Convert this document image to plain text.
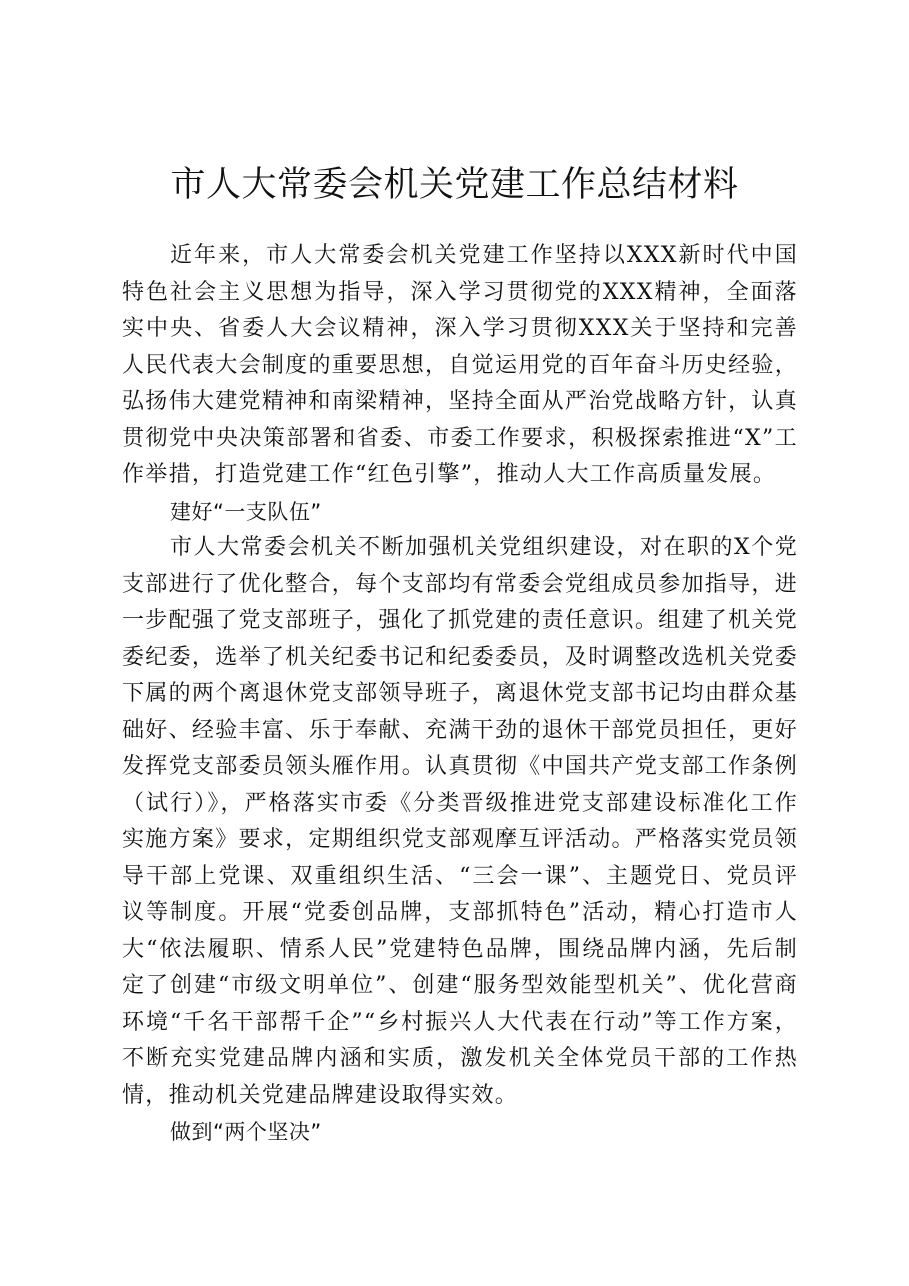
市人大常委会机关党建工作总结材料

近年来，市人大常委会机关党建工作坚持以XXX新时代中国特色社会主义思想为指导，深入学习贯彻党的XXX精神，全面落实中央、省委人大会议精神，深入学习贯彻XXX关于坚持和完善人民代表大会制度的重要思想，自觉运用党的百年奋斗历史经验，弘扬伟大建党精神和南梁精神，坚持全面从严治党战略方针，认真贯彻党中央决策部署和省委、市委工作要求，积极探索推进“X”工作举措，打造党建工作“红色引擎”，推动人大工作高质量发展。

建好“一支队伍”

市人大常委会机关不断加强机关党组织建设，对在职的X个党支部进行了优化整合，每个支部均有常委会党组成员参加指导，进一步配强了党支部班子，强化了抓党建的责任意识。组建了机关党委纪委，选举了机关纪委书记和纪委委员，及时调整改选机关党委下属的两个离退休党支部领导班子，离退休党支部书记均由群众基础好、经验丰富、乐于奉献、充满干劲的退休干部党员担任，更好发挥党支部委员领头雁作用。认真贯彻《中国共产党支部工作条例（试行）》，严格落实市委《分类晋级推进党支部建设标准化工作实施方案》要求，定期组织党支部观摩互评活动。严格落实党员领导干部上党课、双重组织生活、“三会一课”、主题党日、党员评议等制度。开展“党委创品牌，支部抓特色”活动，精心打造市人大“依法履职、情系人民”党建特色品牌，围绕品牌内涵，先后制定了创建“市级文明单位”、创建“服务型效能型机关”、优化营商环境“千名干部帮千企”“乡村振兴人大代表在行动”等工作方案，不断充实党建品牌内涵和实质，激发机关全体党员干部的工作热情，推动机关党建品牌建设取得实效。

做到“两个坚决”
